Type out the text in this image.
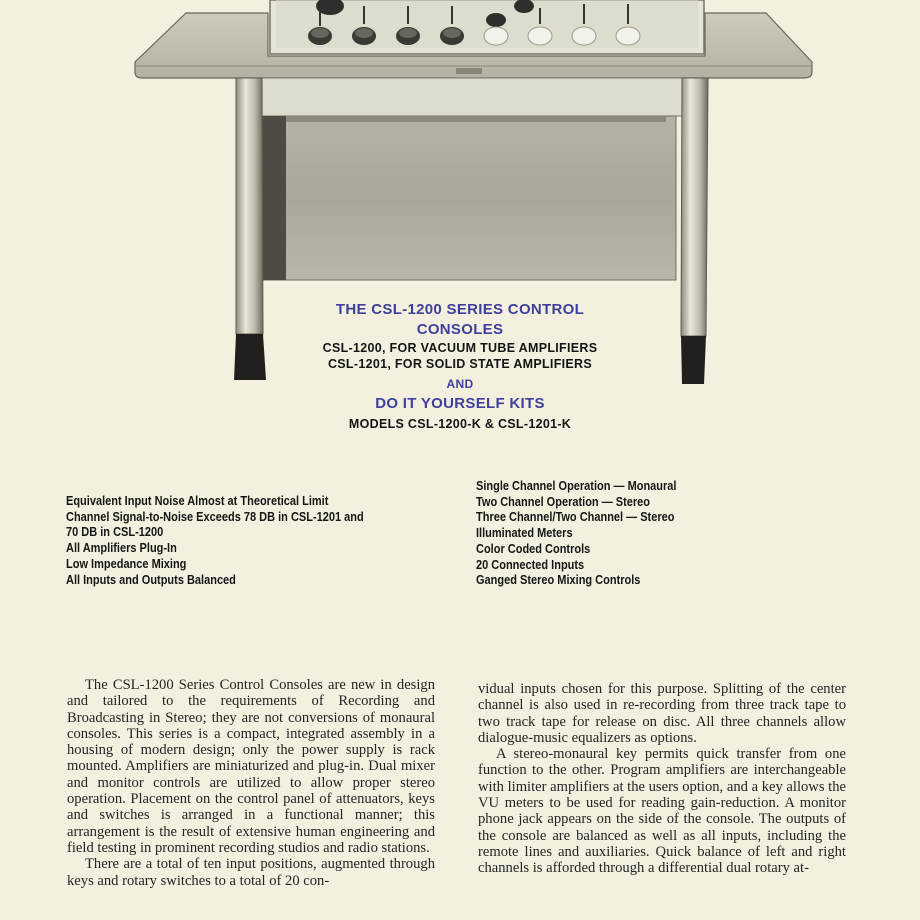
THE CSL-1200 SERIES CONTROL CONSOLES
CSL-1200, FOR VACUUM TUBE AMPLIFIERS
CSL-1201, FOR SOLID STATE AMPLIFIERS
AND
DO IT YOURSELF KITS
MODELS CSL-1200-K & CSL-1201-K
Equivalent Input Noise Almost at Theoretical Limit
Channel Signal-to-Noise Exceeds 78 DB in CSL-1201 and
70 DB in CSL-1200
All Amplifiers Plug-In
Low Impedance Mixing
All Inputs and Outputs Balanced
Single Channel Operation — Monaural
Two Channel Operation — Stereo
Three Channel/Two Channel — Stereo
Illuminated Meters
Color Coded Controls
20 Connected Inputs
Ganged Stereo Mixing Controls

The CSL-1200 Series Control Consoles are new in design and tailored to the requirements of Recording and Broadcasting in Stereo; they are not conversions of monaural consoles. This series is a compact, integrated assembly in a housing of modern design; only the power supply is rack mounted. Amplifiers are miniaturized and plug-in. Dual mixer and monitor controls are utilized to allow proper stereo operation. Placement on the control panel of attenuators, keys and switches is arranged in a functional manner; this arrangement is the result of extensive human engineering and field testing in prominent recording studios and radio stations.

There are a total of ten input positions, augmented through keys and rotary switches to a total of 20 con-

vidual inputs chosen for this purpose. Splitting of the center channel is also used in re-recording from three track tape to two track tape for release on disc. All three channels allow dialogue-music equalizers as options.

A stereo-monaural key permits quick transfer from one function to the other. Program amplifiers are interchangeable with limiter amplifiers at the users option, and a key allows the VU meters to be used for reading gain-reduction. A monitor phone jack appears on the side of the console. The outputs of the console are balanced as well as all inputs, including the remote lines and auxiliaries. Quick balance of left and right channels is afforded through a differential dual rotary at-
